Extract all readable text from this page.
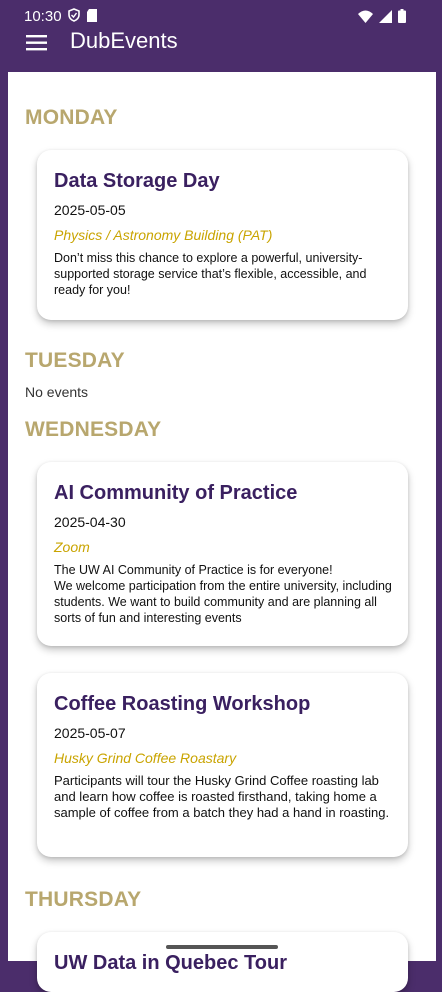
10:30
DubEvents
MONDAY
Data Storage Day
2025-05-05
Physics / Astronomy Building (PAT)
Don’t miss this chance to explore a powerful, university-supported storage service that’s flexible, accessible, and ready for you!
TUESDAY
No events
WEDNESDAY
AI Community of Practice
2025-04-30
Zoom
The UW AI Community of Practice is for everyone!
We welcome participation from the entire university, including students. We want to build community and are planning all sorts of fun and interesting events
Coffee Roasting Workshop
2025-05-07
Husky Grind Coffee Roastary
Participants will tour the Husky Grind Coffee roasting lab and learn how coffee is roasted firsthand, taking home a sample of coffee from a batch they had a hand in roasting.
THURSDAY
UW Data in Quebec Tour
